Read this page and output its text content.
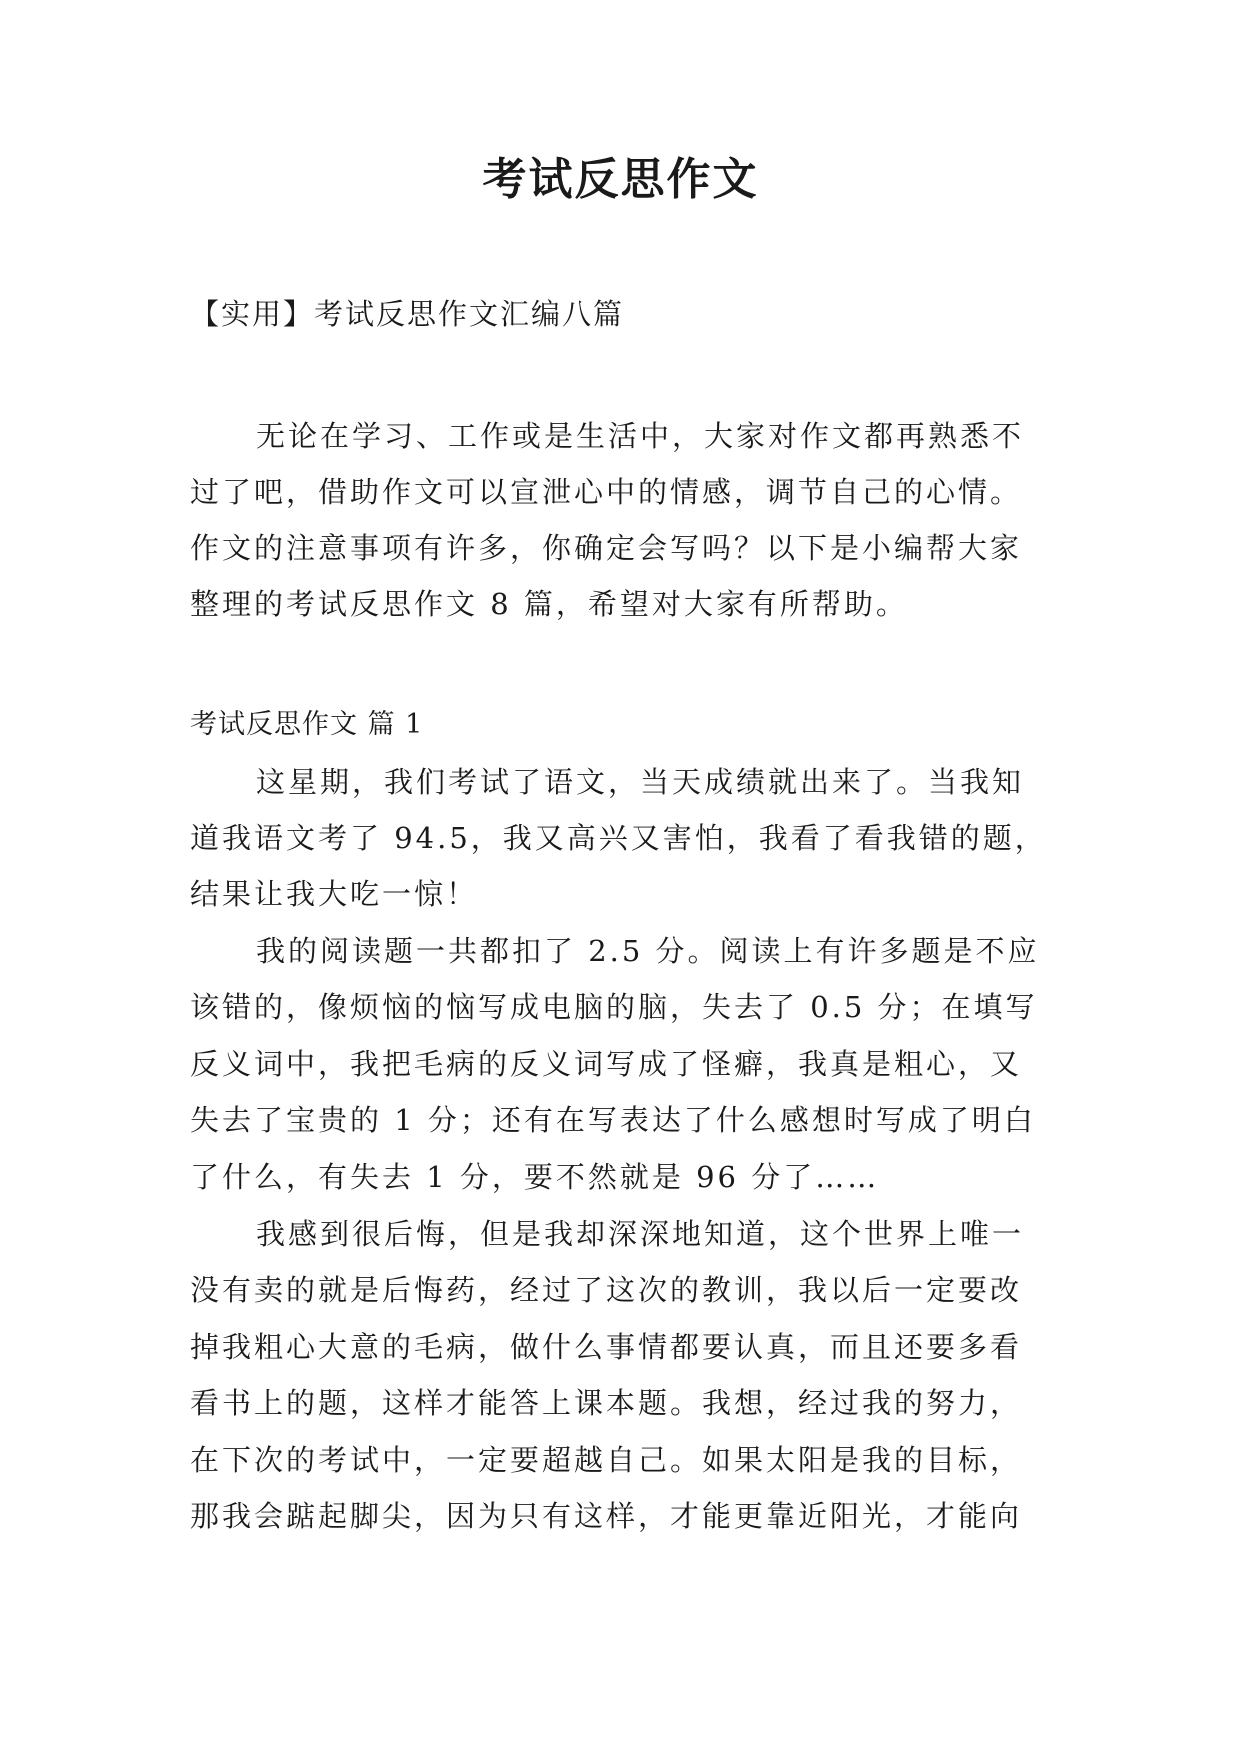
考试反思作文

【实用】考试反思作文汇编八篇

无论在学习、工作或是生活中，大家对作文都再熟悉不

过了吧，借助作文可以宣泄心中的情感，调节自己的心情。

作文的注意事项有许多，你确定会写吗？以下是小编帮大家

整理的考试反思作文 8 篇，希望对大家有所帮助。

考试反思作文 篇 1

这星期，我们考试了语文，当天成绩就出来了。当我知

道我语文考了 94.5，我又高兴又害怕，我看了看我错的题，

结果让我大吃一惊！

我的阅读题一共都扣了 2.5 分。阅读上有许多题是不应

该错的，像烦恼的恼写成电脑的脑，失去了 0.5 分；在填写

反义词中，我把毛病的反义词写成了怪癖，我真是粗心，又

失去了宝贵的 1 分；还有在写表达了什么感想时写成了明白

了什么，有失去 1 分，要不然就是 96 分了……

我感到很后悔，但是我却深深地知道，这个世界上唯一

没有卖的就是后悔药，经过了这次的教训，我以后一定要改

掉我粗心大意的毛病，做什么事情都要认真，而且还要多看

看书上的题，这样才能答上课本题。我想，经过我的努力，

在下次的考试中，一定要超越自己。如果太阳是我的目标，

那我会踮起脚尖，因为只有这样，才能更靠近阳光，才能向
